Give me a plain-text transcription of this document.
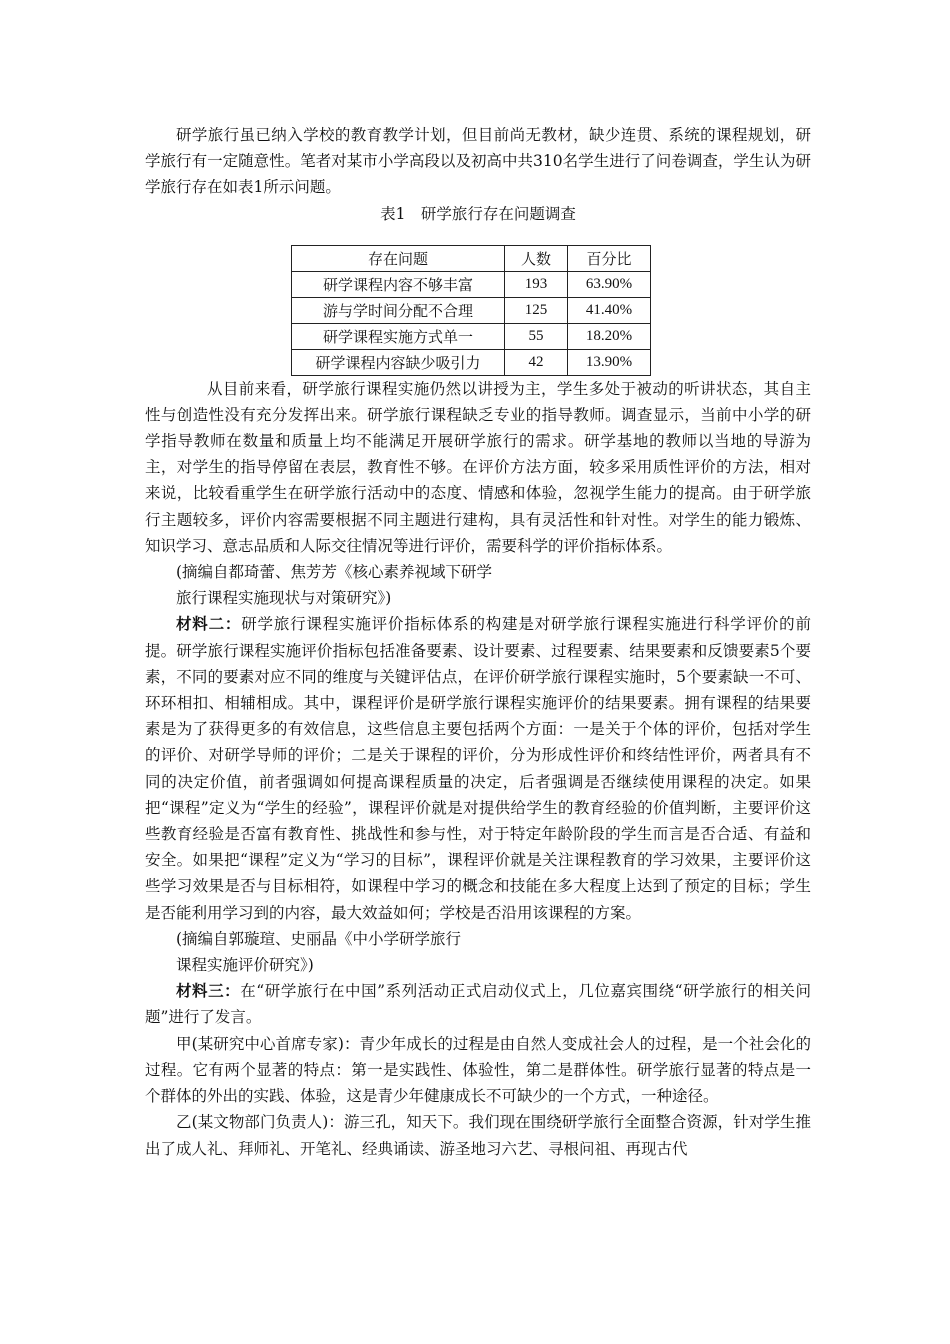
研学旅行虽已纳入学校的教育教学计划，但目前尚无教材，缺少连贯、系统的课程规划，研学旅行有一定随意性。笔者对某市小学高段以及初高中共310名学生进行了问卷调查，学生认为研学旅行存在如表1所示问题。

表1　研学旅行存在问题调查
存在问题	人数	百分比
研学课程内容不够丰富	193	63.90%
游与学时间分配不合理	125	41.40%
研学课程实施方式单一	55	18.20%
研学课程内容缺少吸引力	42	13.90%

从目前来看，研学旅行课程实施仍然以讲授为主，学生多处于被动的听讲状态，其自主性与创造性没有充分发挥出来。研学旅行课程缺乏专业的指导教师。调查显示，当前中小学的研学指导教师在数量和质量上均不能满足开展研学旅行的需求。研学基地的教师以当地的导游为主，对学生的指导停留在表层，教育性不够。在评价方法方面，较多采用质性评价的方法，相对来说，比较看重学生在研学旅行活动中的态度、情感和体验，忽视学生能力的提高。由于研学旅行主题较多，评价内容需要根据不同主题进行建构，具有灵活性和针对性。对学生的能力锻炼、知识学习、意志品质和人际交往情况等进行评价，需要科学的评价指标体系。

(摘编自都琦蕾、焦芳芳《核心素养视域下研学

旅行课程实施现状与对策研究》)

材料二：研学旅行课程实施评价指标体系的构建是对研学旅行课程实施进行科学评价的前提。研学旅行课程实施评价指标包括准备要素、设计要素、过程要素、结果要素和反馈要素5个要素，不同的要素对应不同的维度与关键评估点，在评价研学旅行课程实施时，5个要素缺一不可、环环相扣、相辅相成。其中，课程评价是研学旅行课程实施评价的结果要素。拥有课程的结果要素是为了获得更多的有效信息，这些信息主要包括两个方面：一是关于个体的评价，包括对学生的评价、对研学导师的评价；二是关于课程的评价，分为形成性评价和终结性评价，两者具有不同的决定价值，前者强调如何提高课程质量的决定，后者强调是否继续使用课程的决定。如果把“课程”定义为“学生的经验”，课程评价就是对提供给学生的教育经验的价值判断，主要评价这些教育经验是否富有教育性、挑战性和参与性，对于特定年龄阶段的学生而言是否合适、有益和安全。如果把“课程”定义为“学习的目标”，课程评价就是关注课程教育的学习效果，主要评价这些学习效果是否与目标相符，如课程中学习的概念和技能在多大程度上达到了预定的目标；学生是否能利用学习到的内容，最大效益如何；学校是否沿用该课程的方案。

(摘编自郭璇瑄、史丽晶《中小学研学旅行

课程实施评价研究》)

材料三：在“研学旅行在中国”系列活动正式启动仪式上，几位嘉宾围绕“研学旅行的相关问题”进行了发言。

甲(某研究中心首席专家)：青少年成长的过程是由自然人变成社会人的过程，是一个社会化的过程。它有两个显著的特点：第一是实践性、体验性，第二是群体性。研学旅行显著的特点是一个群体的外出的实践、体验，这是青少年健康成长不可缺少的一个方式，一种途径。

乙(某文物部门负责人)：游三孔，知天下。我们现在围绕研学旅行全面整合资源，针对学生推出了成人礼、拜师礼、开笔礼、经典诵读、游圣地习六艺、寻根问祖、再现古代
